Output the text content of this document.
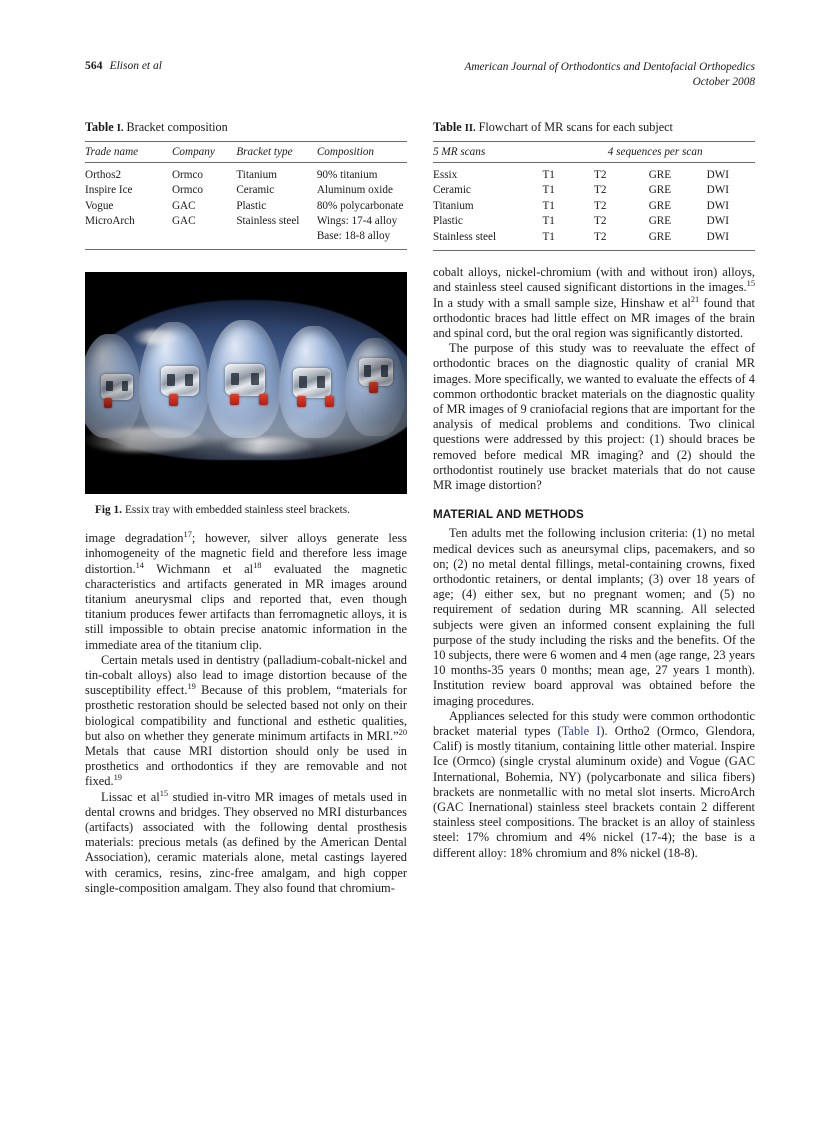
564 Elison et al	American Journal of Orthodontics and Dentofacial Orthopedics
October 2008
Table I. Bracket composition
Trade name	Company	Bracket type	Composition
Orthos2	Ormco	Titanium	90% titanium
Inspire Ice	Ormco	Ceramic	Aluminum oxide
Vogue	GAC	Plastic	80% polycarbonate
MicroArch	GAC	Stainless steel	Wings: 17-4 alloy
			Base: 18-8 alloy
Fig 1. Essix tray with embedded stainless steel brackets.

image degradation$^{17}$; however, silver alloys generate less inhomogeneity of the magnetic field and therefore less image distortion.$^{14}$ Wichmann et $al^{18}$ evaluated the magnetic characteristics and artifacts generated in MR images around titanium aneurysmal clips and reported that, even though titanium produces fewer artifacts than ferromagnetic alloys, it is still impossible to obtain precise anatomic information in the immediate area of the titanium clip.

Certain metals used in dentistry (palladium-cobalt-nickel and tin-cobalt alloys) also lead to image distortion because of the susceptibility effect.$^{19}$ Because of this problem, “materials for prosthetic restoration should be selected based not only on their biological compatibility and functional and esthetic qualities, but also on whether they generate minimum artifacts in MRI.”$^{20}$ Metals that cause MRI distortion should only be used in prosthetics and orthodontics if they are removable and not fixed.$^{19}$

Lissac et $al^{15}$ studied in-vitro MR images of metals used in dental crowns and bridges. They observed no MRI disturbances (artifacts) associated with the following dental prosthesis materials: precious metals (as defined by the American Dental Association), ceramic materials alone, metal castings layered with ceramics, resins, zinc-free amalgam, and high copper single-composition amalgam. They also found that chromium-

Table II. Flowchart of MR scans for each subject
5 MR scans	4 sequences per scan			
Essix	T1	T2	GRE	DWI
Ceramic	T1	T2	GRE	DWI
Titanium	T1	T2	GRE	DWI
Plastic	T1	T2	GRE	DWI
Stainless steel	T1	T2	GRE	DWI

cobalt alloys, nickel-chromium (with and without iron) alloys, and stainless steel caused significant distortions in the images.$^{15}$ In a study with a small sample size, Hinshaw et $al^{21}$ found that orthodontic braces had little effect on MR images of the brain and spinal cord, but the oral region was significantly distorted.

The purpose of this study was to reevaluate the effect of orthodontic braces on the diagnostic quality of cranial MR images. More specifically, we wanted to evaluate the effects of 4 common orthodontic bracket materials on the diagnostic quality of MR images of 9 craniofacial regions that are important for the analysis of medical problems and conditions. Two clinical questions were addressed by this project: (1) should braces be removed before medical MR imaging? and (2) should the orthodontist routinely use bracket materials that do not cause MR image distortion?

MATERIAL AND METHODS

Ten adults met the following inclusion criteria: (1) no metal medical devices such as aneursymal clips, pacemakers, and so on; (2) no metal dental fillings, metal-containing crowns, fixed orthodontic retainers, or dental implants; (3) over 18 years of age; (4) either sex, but no pregnant women; and (5) no requirement of sedation during MR scanning. All selected subjects were given an informed consent explaining the full purpose of the study including the risks and the benefits. Of the 10 subjects, there were 6 women and 4 men (age range, 23 years 10 months-35 years 0 months; mean age, 27 years 1 month). Institution review board approval was obtained before the imaging procedures.

Appliances selected for this study were common orthodontic bracket material types (Table I). Ortho2 (Ormco, Glendora, Calif) is mostly titanium, containing little other material. Inspire Ice (Ormco) (single crystal aluminum oxide) and Vogue (GAC International, Bohemia, NY) (polycarbonate and silica fibers) brackets are nonmetallic with no metal slot inserts. MicroArch (GAC Inernational) stainless steel brackets contain 2 different stainless steel compositions. The bracket is an alloy of stainless steel: 17% chromium and 4% nickel (17-4); the base is a different alloy: 18% chromium and 8% nickel (18-8).
